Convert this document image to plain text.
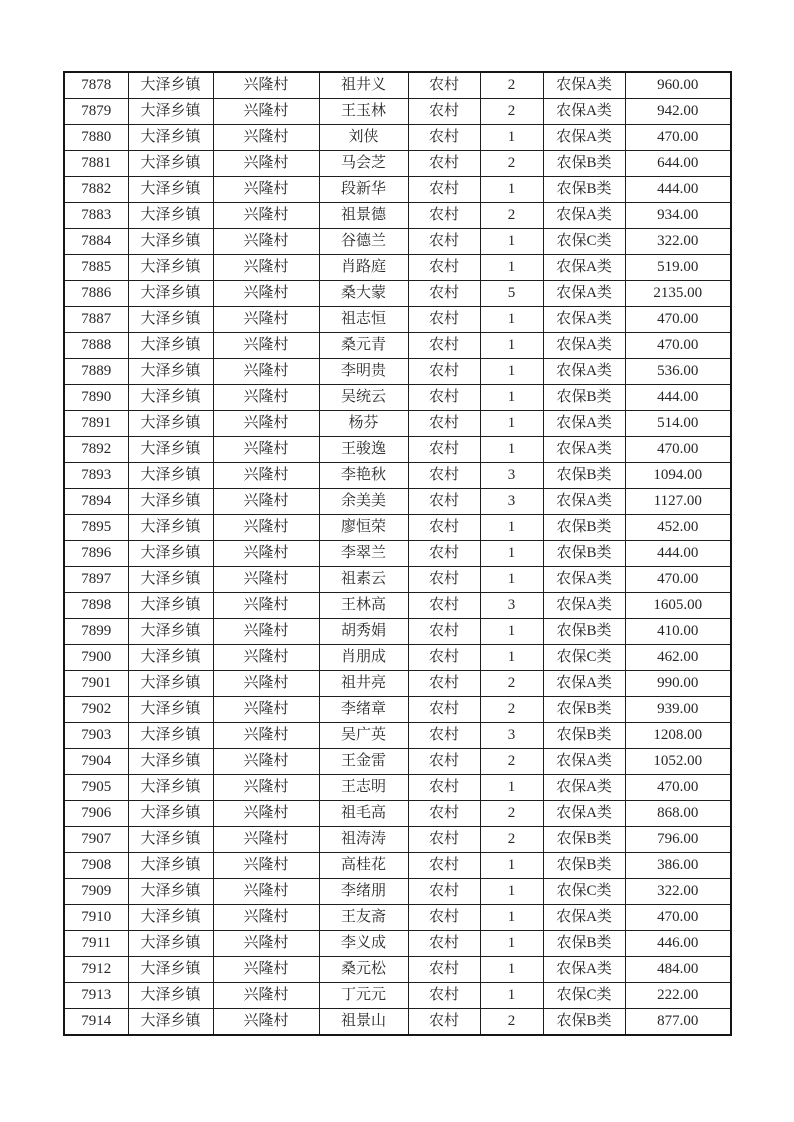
7878	大泽乡镇	兴隆村	祖井义	农村	2	农保A类	960.00
7879	大泽乡镇	兴隆村	王玉林	农村	2	农保A类	942.00
7880	大泽乡镇	兴隆村	刘侠	农村	1	农保A类	470.00
7881	大泽乡镇	兴隆村	马会芝	农村	2	农保B类	644.00
7882	大泽乡镇	兴隆村	段新华	农村	1	农保B类	444.00
7883	大泽乡镇	兴隆村	祖景德	农村	2	农保A类	934.00
7884	大泽乡镇	兴隆村	谷德兰	农村	1	农保C类	322.00
7885	大泽乡镇	兴隆村	肖路庭	农村	1	农保A类	519.00
7886	大泽乡镇	兴隆村	桑大蒙	农村	5	农保A类	2135.00
7887	大泽乡镇	兴隆村	祖志恒	农村	1	农保A类	470.00
7888	大泽乡镇	兴隆村	桑元青	农村	1	农保A类	470.00
7889	大泽乡镇	兴隆村	李明贵	农村	1	农保A类	536.00
7890	大泽乡镇	兴隆村	吴统云	农村	1	农保B类	444.00
7891	大泽乡镇	兴隆村	杨芬	农村	1	农保A类	514.00
7892	大泽乡镇	兴隆村	王骏逸	农村	1	农保A类	470.00
7893	大泽乡镇	兴隆村	李艳秋	农村	3	农保B类	1094.00
7894	大泽乡镇	兴隆村	余美美	农村	3	农保A类	1127.00
7895	大泽乡镇	兴隆村	廖恒荣	农村	1	农保B类	452.00
7896	大泽乡镇	兴隆村	李翠兰	农村	1	农保B类	444.00
7897	大泽乡镇	兴隆村	祖素云	农村	1	农保A类	470.00
7898	大泽乡镇	兴隆村	王林高	农村	3	农保A类	1605.00
7899	大泽乡镇	兴隆村	胡秀娟	农村	1	农保B类	410.00
7900	大泽乡镇	兴隆村	肖朋成	农村	1	农保C类	462.00
7901	大泽乡镇	兴隆村	祖井亮	农村	2	农保A类	990.00
7902	大泽乡镇	兴隆村	李绪章	农村	2	农保B类	939.00
7903	大泽乡镇	兴隆村	吴广英	农村	3	农保B类	1208.00
7904	大泽乡镇	兴隆村	王金雷	农村	2	农保A类	1052.00
7905	大泽乡镇	兴隆村	王志明	农村	1	农保A类	470.00
7906	大泽乡镇	兴隆村	祖毛高	农村	2	农保A类	868.00
7907	大泽乡镇	兴隆村	祖涛涛	农村	2	农保B类	796.00
7908	大泽乡镇	兴隆村	高桂花	农村	1	农保B类	386.00
7909	大泽乡镇	兴隆村	李绪朋	农村	1	农保C类	322.00
7910	大泽乡镇	兴隆村	王友斋	农村	1	农保A类	470.00
7911	大泽乡镇	兴隆村	李义成	农村	1	农保B类	446.00
7912	大泽乡镇	兴隆村	桑元松	农村	1	农保A类	484.00
7913	大泽乡镇	兴隆村	丁元元	农村	1	农保C类	222.00
7914	大泽乡镇	兴隆村	祖景山	农村	2	农保B类	877.00
